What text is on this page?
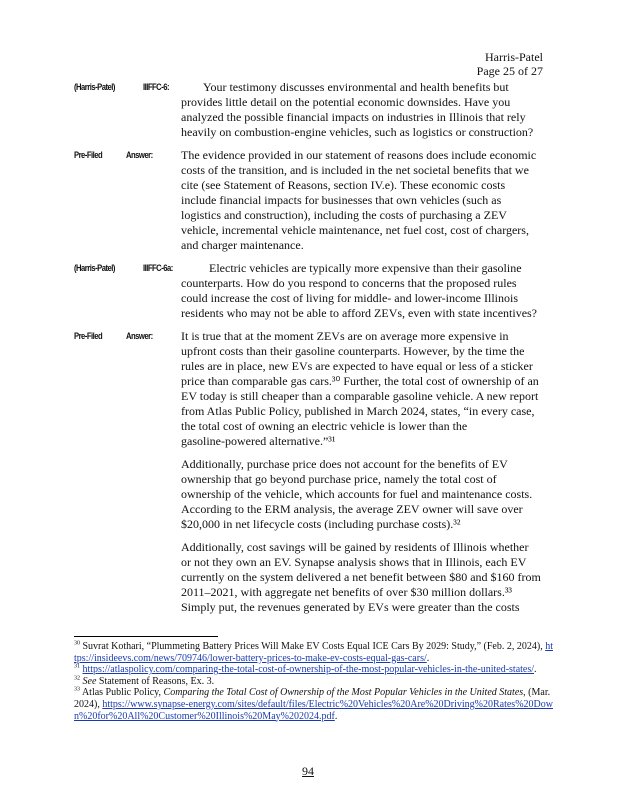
Harris-Patel
Page 25 of 27
(Harris-Patel)	IIIFFC-6:	Your testimony discusses environmental and health benefits but
provides little detail on the potential economic downsides. Have you
analyzed the possible financial impacts on industries in Illinois that rely
heavily on combustion-engine vehicles, such as logistics or construction?
Pre-Filed	Answer: The evidence provided in our statement of reasons does include economic
costs of the transition, and is included in the net societal benefits that we
cite (see Statement of Reasons, section IV.e). These economic costs
include financial impacts for businesses that own vehicles (such as
logistics and construction), including the costs of purchasing a ZEV
vehicle, incremental vehicle maintenance, net fuel cost, cost of chargers,
and charger maintenance.
(Harris-Patel)	IIIFFC-6a:	Electric vehicles are typically more expensive than their gasoline
counterparts. How do you respond to concerns that the proposed rules
could increase the cost of living for middle- and lower-income Illinois
residents who may not be able to afford ZEVs, even with state incentives?
Pre-Filed	Answer: It is true that at the moment ZEVs are on average more expensive in
upfront costs than their gasoline counterparts. However, by the time the
rules are in place, new EVs are expected to have equal or less of a sticker
price than comparable gas cars.³⁰ Further, the total cost of ownership of an
EV today is still cheaper than a comparable gasoline vehicle. A new report
from Atlas Public Policy, published in March 2024, states, “in every case,
the total cost of owning an electric vehicle is lower than the
gasoline-powered alternative.”³¹
Additionally, purchase price does not account for the benefits of EV
ownership that go beyond purchase price, namely the total cost of
ownership of the vehicle, which accounts for fuel and maintenance costs.
According to the ERM analysis, the average ZEV owner will save over
$20,000 in net lifecycle costs (including purchase costs).³²
Additionally, cost savings will be gained by residents of Illinois whether
or not they own an EV. Synapse analysis shows that in Illinois, each EV
currently on the system delivered a net benefit between $80 and $160 from
2011–2021, with aggregate net benefits of over $30 million dollars.³³
Simply put, the revenues generated by EVs were greater than the costs

$^{30}$ Suvrat Kothari, “Plummeting Battery Prices Will Make EV Costs Equal ICE Cars By 2029: Study,” (Feb. 2, 2024), https://insideevs.com/news/709746/lower-battery-prices-to-make-ev-costs-equal-gas-cars/.

$^{31}$ https://atlaspolicy.com/comparing-the-total-cost-of-ownership-of-the-most-popular-vehicles-in-the-united-states/.

$^{32}$ See Statement of Reasons, Ex. 3.

$^{33}$ Atlas Public Policy, Comparing the Total Cost of Ownership of the Most Popular Vehicles in the United States, (Mar. 2024), https://www.synapse-energy.com/sites/default/files/Electric%20Vehicles%20Are%20Driving%20Rates%20Down%20for%20All%20Customer%20Illinois%20May%202024.pdf.

94
